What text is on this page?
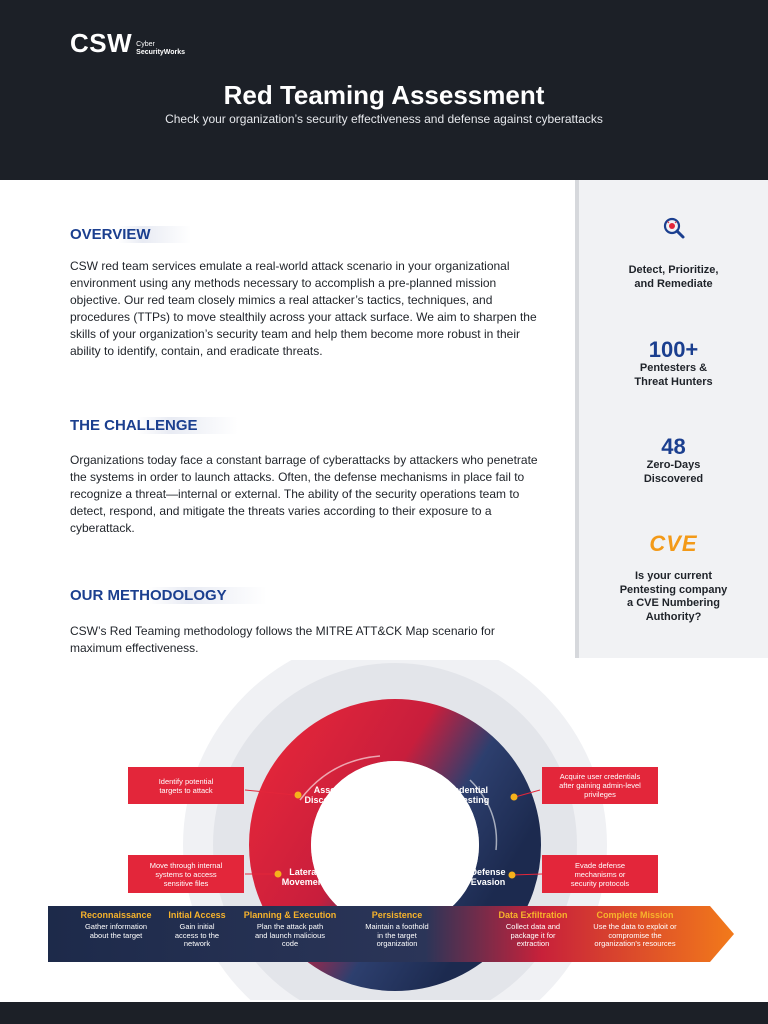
CSW Cyber
SecurityWorks
Red Teaming Assessment
Check your organization’s security effectiveness and defense against cyberattacks
OVERVIEW
CSW red team services emulate a real-world attack scenario in your organizational environment using any methods necessary to accomplish a pre-planned mission objective. Our red team closely mimics a real attacker’s tactics, techniques, and procedures (TTPs) to move stealthily across your attack surface. We aim to sharpen the skills of your organization’s security team and help them become more robust in their ability to identify, contain, and eradicate threats.
THE CHALLENGE
Organizations today face a constant barrage of cyberattacks by attackers who penetrate the systems in order to launch attacks. Often, the defense mechanisms in place fail to recognize a threat—internal or external. The ability of the security operations team to detect, respond, and mitigate the threats varies according to their exposure to a cyberattack.
OUR METHODOLOGY
CSW’s Red Teaming methodology follows the MITRE ATT&CK Map scenario for maximum effectiveness.
Detect, Prioritize,
and Remediate
100+
Pentesters &
Threat Hunters
48
Zero-Days
Discovered
CVE
Is your current
Pentesting company
a CVE Numbering
Authority?
Asset
Discovery
Credential
Harvesting
Lateral
Movement
Defense
Evasion
Identify potential
targets to attack
Acquire user credentials
after gaining admin-level
privileges
Move through internal
systems to access
sensitive files
Evade defense
mechanisms or
security protocols
Reconnaissance
Gather information
about the target
Initial Access
Gain initial
access to the
network
Planning & Execution
Plan the attack path
and launch malicious
code
Persistence
Maintain a foothold
in the target
organization
Data Exfiltration
Collect data and
package it for
extraction
Complete Mission
Use the data to exploit or
compromise the
organization’s resources
